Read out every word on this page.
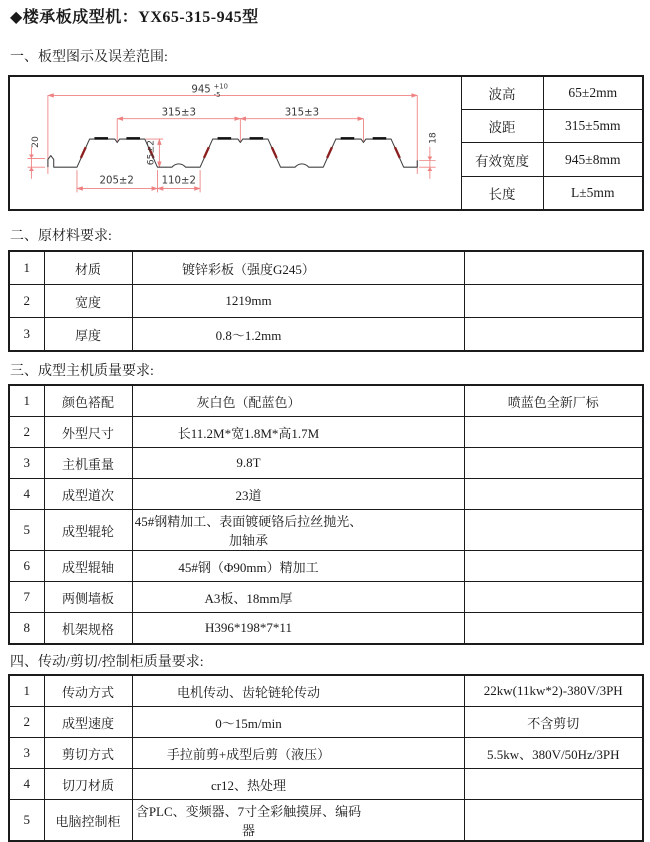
◆楼承板成型机：YX65-315-945型
一、板型图示及误差范围:
945 +10
-5
315±3	315±3
65±2
205±2	110±2
20	18
	波高	65±2mm
	波距	315±5mm
	有效宽度	945±8mm
	长度	L±5mm
二、原材料要求:
1	材质	镀锌彩板（强度G245）	
2	宽度	1219mm	
3	厚度	0.8～1.2mm	
三、成型主机质量要求:
1	颜色褡配	灰白色（配蓝色）	喷蓝色全新厂标
2	外型尺寸	长11.2M*宽1.8M*高1.7M	
3	主机重量	9.8T	
4	成型道次	23道	
5	成型辊轮	45#钢精加工、表面镀硬铬后拉丝抛光、加轴承	
6	成型辊轴	45#钢（Φ90mm）精加工	
7	两侧墙板	A3板、18mm厚	
8	机架规格	H396*198*7*11	
四、传动/剪切/控制柜质量要求:
1	传动方式	电机传动、齿轮链轮传动	22kw(11kw*2)-380V/3PH
2	成型速度	0～15m/min	不含剪切
3	剪切方式	手拉前剪+成型后剪（液压）	5.5kw、380V/50Hz/3PH
4	切刀材质	cr12、热处理	
5	电脑控制柜	含PLC、变频器、7寸全彩触摸屏、编码器	
